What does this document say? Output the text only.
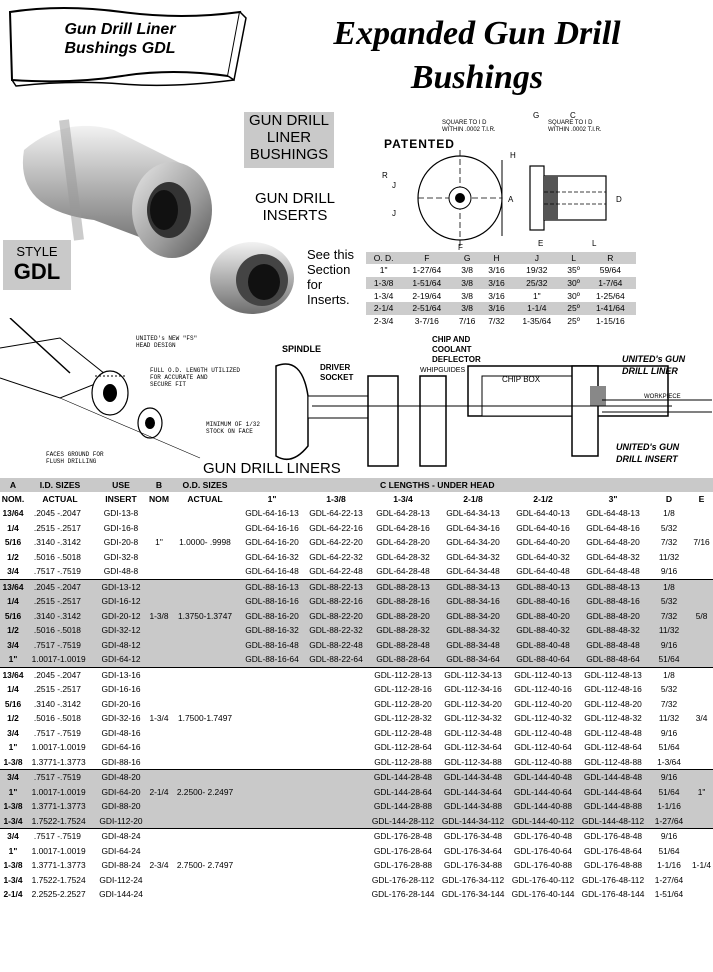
Gun Drill Liner
Bushings GDL	Expanded Gun Drill
Bushings
GUN DRILL
LINER
BUSHINGS
GUN DRILL
INSERTS
See this
Section
for
Inserts.
STYLE
GDL
PATENTED
SQUARE TO I D
WITHIN .0002 T.I.R.
SQUARE TO I D
WITHIN .0002 T.I.R.
G	C
R
J
J
A
F
H
D
E	L
O. D.	F	G	H	J	L	R
1"	1-27/64	3/8	3/16	19/32	35º	59/64
1-3/8	1-51/64	3/8	3/16	25/32	30º	1-7/64
1-3/4	2-19/64	3/8	3/16	1"	30º	1-25/64
2-1/4	2-51/64	3/8	3/16	1-1/4	25º	1-41/64
2-3/4	3-7/16	7/16	7/32	1-35/64	25º	1-15/16
UNITED's NEW "FS"
HEAD DESIGN
FULL O.D. LENGTH UTILIZED
FOR ACCURATE AND
SECURE FIT
MINIMUM OF 1/32
STOCK ON FACE
FACES GROUND FOR
FLUSH DRILLING	GUN DRILL LINERS
SPINDLE
DRIVER
SOCKET
WHIPGUIDES
CHIP AND
COOLANT
DEFLECTOR
CHIP BOX
UNITED's GUN
DRILL LINER
WORKPIECE
UNITED's GUN
DRILL INSERT
A	I.D. SIZES		USE	B	O.D. SIZES	C LENGTHS - UNDER HEAD							
NOM.	ACTUAL		INSERT	NOM	ACTUAL	1"	1-3/8	1-3/4	2-1/8	2-1/2	3"	D	E
13/64	.2045 -	.2047	GDI-13-8			GDL-64-16-13	GDL-64-22-13	GDL-64-28-13	GDL-64-34-13	GDL-64-40-13	GDL-64-48-13	1/8	
1/4	.2515 -	.2517	GDI-16-8			GDL-64-16-16	GDL-64-22-16	GDL-64-28-16	GDL-64-34-16	GDL-64-40-16	GDL-64-48-16	5/32	
5/16	.3140 -	.3142	GDI-20-8	1"	1.0000- .9998	GDL-64-16-20	GDL-64-22-20	GDL-64-28-20	GDL-64-34-20	GDL-64-40-20	GDL-64-48-20	7/32	7/16
1/2	.5016 -	.5018	GDI-32-8			GDL-64-16-32	GDL-64-22-32	GDL-64-28-32	GDL-64-34-32	GDL-64-40-32	GDL-64-48-32	11/32	
3/4	.7517 -	.7519	GDI-48-8			GDL-64-16-48	GDL-64-22-48	GDL-64-28-48	GDL-64-34-48	GDL-64-40-48	GDL-64-48-48	9/16	
13/64	.2045 -	.2047	GDI-13-12			GDL-88-16-13	GDL-88-22-13	GDL-88-28-13	GDL-88-34-13	GDL-88-40-13	GDL-88-48-13	1/8	
1/4	.2515 -	.2517	GDI-16-12			GDL-88-16-16	GDL-88-22-16	GDL-88-28-16	GDL-88-34-16	GDL-88-40-16	GDL-88-48-16	5/32	
5/16	.3140 -	.3142	GDI-20-12	1-3/8	1.3750-1.3747	GDL-88-16-20	GDL-88-22-20	GDL-88-28-20	GDL-88-34-20	GDL-88-40-20	GDL-88-48-20	7/32	5/8
1/2	.5016 -	.5018	GDI-32-12			GDL-88-16-32	GDL-88-22-32	GDL-88-28-32	GDL-88-34-32	GDL-88-40-32	GDL-88-48-32	11/32	
3/4	.7517 -	.7519	GDI-48-12			GDL-88-16-48	GDL-88-22-48	GDL-88-28-48	GDL-88-34-48	GDL-88-40-48	GDL-88-48-48	9/16	
1"	1.0017-	1.0019	GDI-64-12			GDL-88-16-64	GDL-88-22-64	GDL-88-28-64	GDL-88-34-64	GDL-88-40-64	GDL-88-48-64	51/64	
13/64	.2045 -	.2047	GDI-13-16					GDL-112-28-13	GDL-112-34-13	GDL-112-40-13	GDL-112-48-13	1/8	
1/4	.2515 -	.2517	GDI-16-16					GDL-112-28-16	GDL-112-34-16	GDL-112-40-16	GDL-112-48-16	5/32	
5/16	.3140 -	.3142	GDI-20-16					GDL-112-28-20	GDL-112-34-20	GDL-112-40-20	GDL-112-48-20	7/32	
1/2	.5016 -	.5018	GDI-32-16	1-3/4	1.7500-1.7497			GDL-112-28-32	GDL-112-34-32	GDL-112-40-32	GDL-112-48-32	11/32	3/4
3/4	.7517 -	.7519	GDI-48-16					GDL-112-28-48	GDL-112-34-48	GDL-112-40-48	GDL-112-48-48	9/16	
1"	1.0017-	1.0019	GDI-64-16					GDL-112-28-64	GDL-112-34-64	GDL-112-40-64	GDL-112-48-64	51/64	
1-3/8	1.3771-	1.3773	GDI-88-16					GDL-112-28-88	GDL-112-34-88	GDL-112-40-88	GDL-112-48-88	1-3/64	
3/4	.7517 -	.7519	GDI-48-20					GDL-144-28-48	GDL-144-34-48	GDL-144-40-48	GDL-144-48-48	9/16	
1"	1.0017-	1.0019	GDI-64-20	2-1/4	2.2500- 2.2497			GDL-144-28-64	GDL-144-34-64	GDL-144-40-64	GDL-144-48-64	51/64	1"
1-3/8	1.3771-	1.3773	GDI-88-20					GDL-144-28-88	GDL-144-34-88	GDL-144-40-88	GDL-144-48-88	1-1/16	
1-3/4	1.7522-	1.7524	GDI-112-20					GDL-144-28-112	GDL-144-34-112	GDL-144-40-112	GDL-144-48-112	1-27/64	
3/4	.7517 -	.7519	GDI-48-24					GDL-176-28-48	GDL-176-34-48	GDL-176-40-48	GDL-176-48-48	9/16	
1"	1.0017-	1.0019	GDI-64-24					GDL-176-28-64	GDL-176-34-64	GDL-176-40-64	GDL-176-48-64	51/64	
1-3/8	1.3771-	1.3773	GDI-88-24	2-3/4	2.7500- 2.7497			GDL-176-28-88	GDL-176-34-88	GDL-176-40-88	GDL-176-48-88	1-1/16	1-1/4
1-3/4	1.7522-	1.7524	GDI-112-24					GDL-176-28-112	GDL-176-34-112	GDL-176-40-112	GDL-176-48-112	1-27/64	
2-1/4	2.2525-	2.2527	GDI-144-24					GDL-176-28-144	GDL-176-34-144	GDL-176-40-144	GDL-176-48-144	1-51/64	
